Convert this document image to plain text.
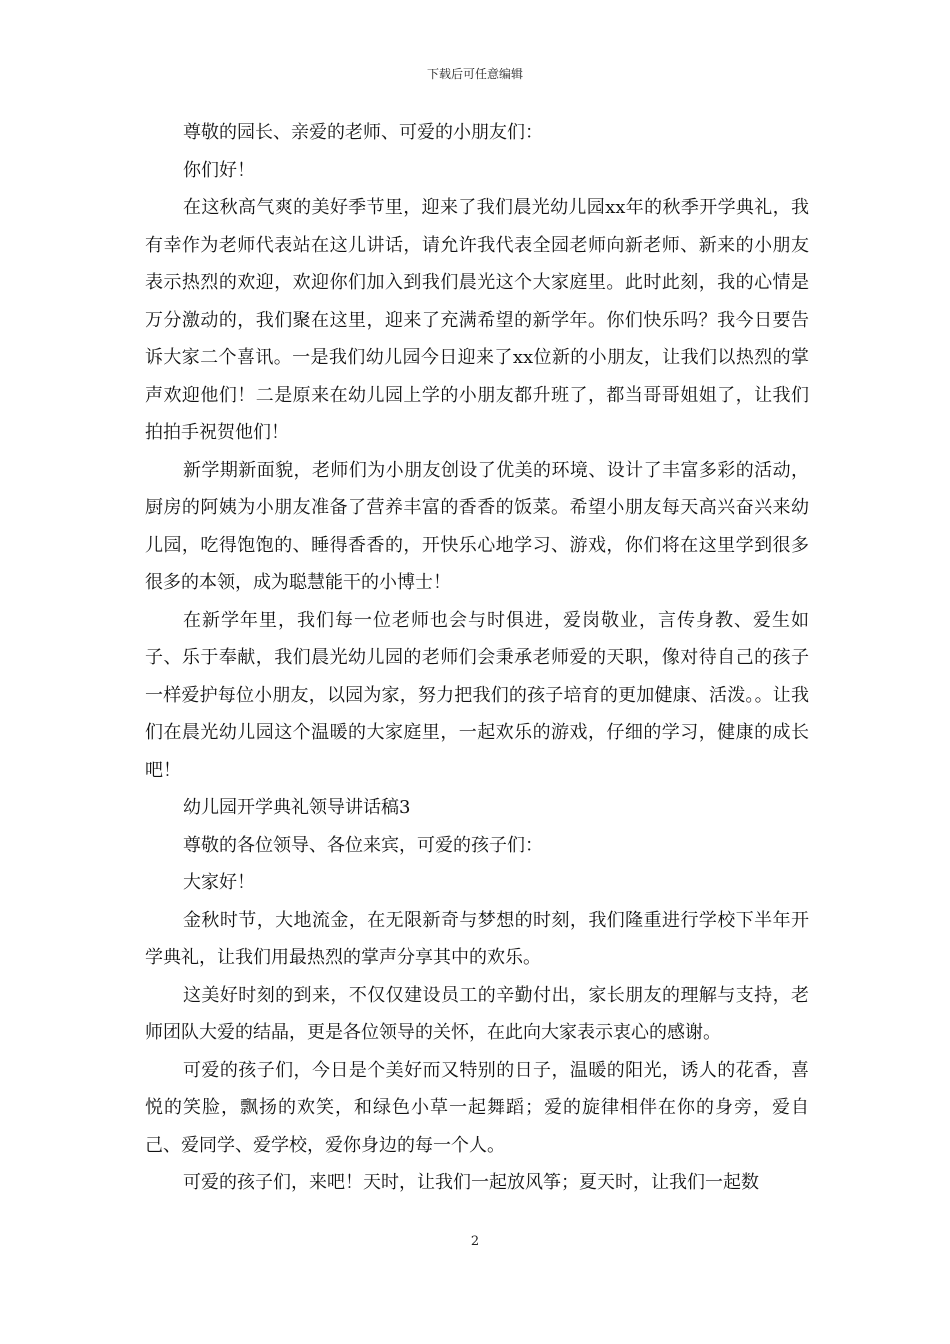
下载后可任意编辑

尊敬的园长、亲爱的老师、可爱的小朋友们：

你们好！

在这秋高气爽的美好季节里，迎来了我们晨光幼儿园xx年的秋季开学典礼，我有幸作为老师代表站在这儿讲话，请允许我代表全园老师向新老师、新来的小朋友表示热烈的欢迎，欢迎你们加入到我们晨光这个大家庭里。此时此刻，我的心情是万分激动的，我们聚在这里，迎来了充满希望的新学年。你们快乐吗？我今日要告诉大家二个喜讯。一是我们幼儿园今日迎来了xx位新的小朋友，让我们以热烈的掌声欢迎他们！二是原来在幼儿园上学的小朋友都升班了，都当哥哥姐姐了，让我们拍拍手祝贺他们！

新学期新面貌，老师们为小朋友创设了优美的环境、设计了丰富多彩的活动，厨房的阿姨为小朋友准备了营养丰富的香香的饭菜。希望小朋友每天高兴奋兴来幼儿园，吃得饱饱的、睡得香香的，开快乐心地学习、游戏，你们将在这里学到很多很多的本领，成为聪慧能干的小博士！

在新学年里，我们每一位老师也会与时俱进，爱岗敬业，言传身教、爱生如子、乐于奉献，我们晨光幼儿园的老师们会秉承老师爱的天职，像对待自己的孩子一样爱护每位小朋友，以园为家，努力把我们的孩子培育的更加健康、活泼。。让我们在晨光幼儿园这个温暖的大家庭里，一起欢乐的游戏，仔细的学习，健康的成长吧！

幼儿园开学典礼领导讲话稿3

尊敬的各位领导、各位来宾，可爱的孩子们：

大家好！

金秋时节，大地流金，在无限新奇与梦想的时刻，我们隆重进行学校下半年开学典礼，让我们用最热烈的掌声分享其中的欢乐。

这美好时刻的到来，不仅仅建设员工的辛勤付出，家长朋友的理解与支持，老师团队大爱的结晶，更是各位领导的关怀，在此向大家表示衷心的感谢。

可爱的孩子们，今日是个美好而又特别的日子，温暖的阳光，诱人的花香，喜悦的笑脸，飘扬的欢笑，和绿色小草一起舞蹈；爱的旋律相伴在你的身旁，爱自己、爱同学、爱学校，爱你身边的每一个人。

可爱的孩子们，来吧！天时，让我们一起放风筝；夏天时，让我们一起数

2
